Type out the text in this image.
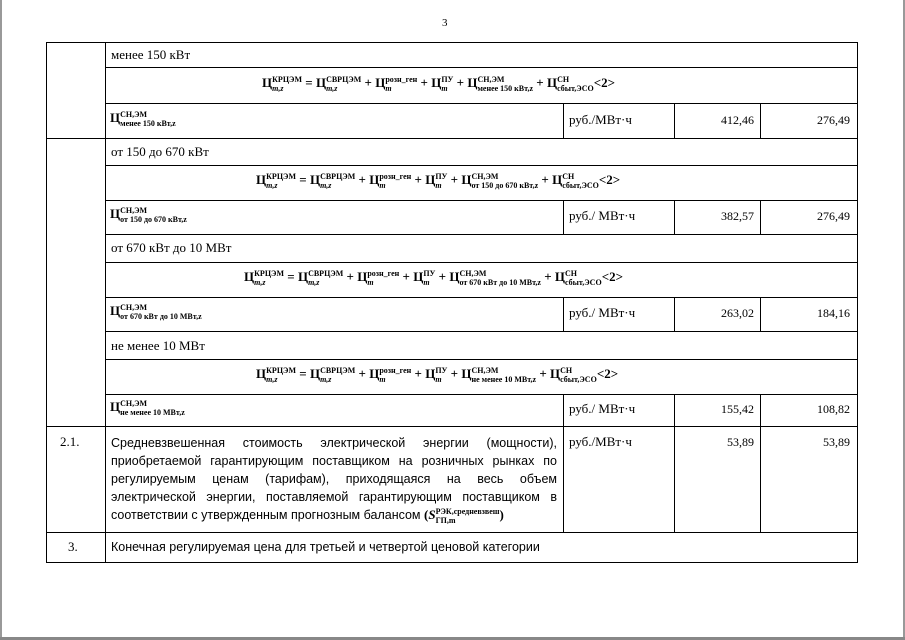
3
менее 150 кВт
Ц КРЦЭМ
m,z	= Ц СВРЦЭМ
m,z	+ Ц розн_ген
m	+ Ц ПУ
m + Ц СН,ЭМ
менее 150 кВт,z + Ц СН
сбыт,ЭСО <2>
Ц СН,ЭМ
менее 150 кВт,z	руб./МВт·ч	412,46	276,49
от 150 до 670 кВт
Ц КРЦЭМ
m,z	= Ц СВРЦЭМ
m,z	+ Ц розн_ген
m	+ Ц ПУ
m + Ц СН,ЭМ
от 150 до 670 кВт,z + Ц СН
сбыт,ЭСО <2>
Ц СН,ЭМ
от 150 до 670 кВт,z	руб./ МВт·ч	382,57	276,49
от 670 кВт до 10 МВт
Ц КРЦЭМ
m,z	= Ц СВРЦЭМ
m,z	+ Ц розн_ген
m	+ Ц ПУ
m + Ц СН,ЭМ
от 670 кВт до 10 МВт,z + Ц СН
сбыт,ЭСО <2>
Ц СН,ЭМ
от 670 кВт до 10 МВт,z	руб./ МВт·ч	263,02	184,16
не менее 10 МВт
Ц КРЦЭМ
m,z	= Ц СВРЦЭМ
m,z	+ Ц розн_ген
m	+ Ц ПУ
m + Ц СН,ЭМ
не менее 10 МВт,z + Ц СН
сбыт,ЭСО <2>
Ц СН,ЭМ
не менее 10 МВт,z	руб./ МВт·ч	155,42	108,82
2.1.	Средневзвешенная стоимость электрической энергии (мощности), приобретаемой гарантирующим поставщиком на розничных рынках по регулируемым ценам (тарифам), приходящаяся на весь объем электрической энергии, поставляемой гарантирующим поставщиком в соответствии с утвержденным прогнозным балансом (S РЭК,средневзвеш
ГП,m	)
руб./МВт·ч	53,89	53,89
3.	Конечная регулируемая цена для третьей и четвертой ценовой категории
